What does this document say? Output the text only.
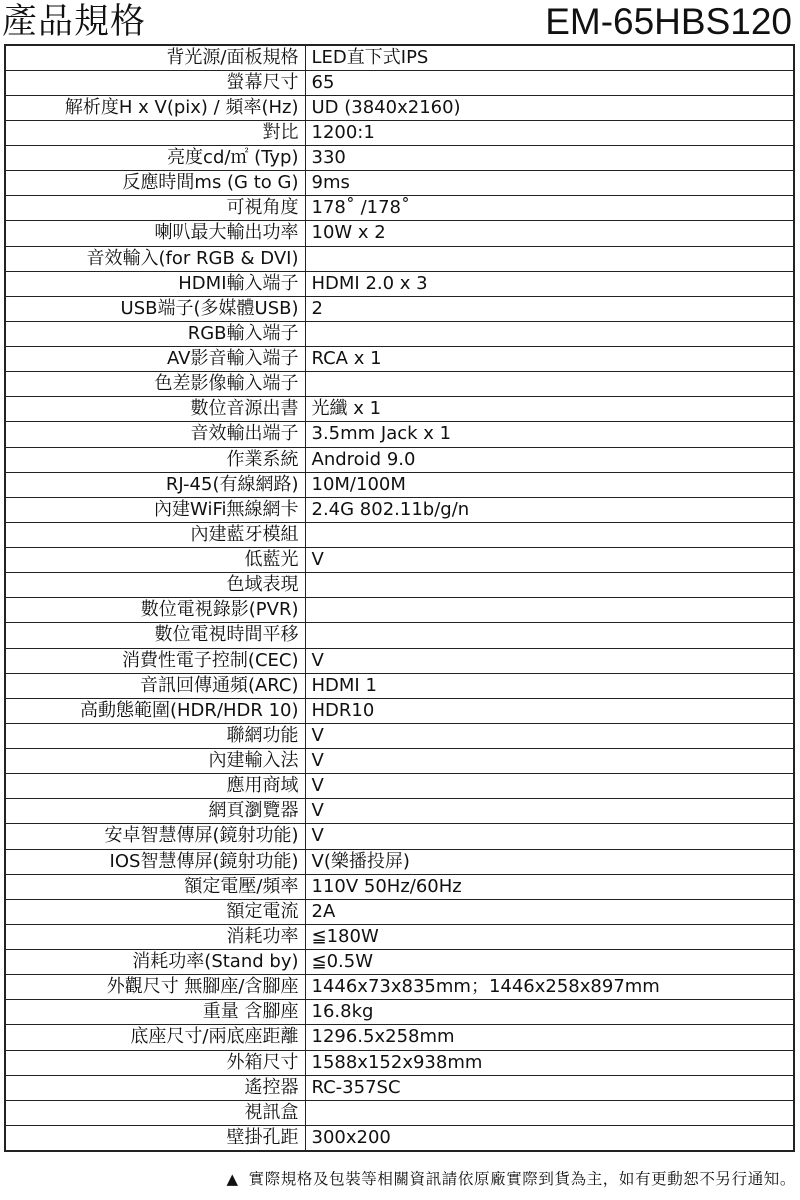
產品規格	EM-65HBS120
背光源/面板規格	LED直下式IPS
螢幕尺寸	65
解析度H x V(pix) / 頻率(Hz)	UD (3840x2160)
對比	1200:1
亮度cd/㎡ (Typ)	330
反應時間ms (G to G)	9ms
可視角度	178˚ /178˚
喇叭最大輸出功率	10W x 2
音效輸入(for RGB & DVI)	
HDMI輸入端子	HDMI 2.0 x 3
USB端子(多媒體USB)	2
RGB輸入端子	
AV影音輸入端子	RCA x 1
色差影像輸入端子	
數位音源出書	光纖 x 1
音效輸出端子	3.5mm Jack x 1
作業系統	Android 9.0
RJ-45(有線網路)	10M/100M
內建WiFi無線網卡	2.4G 802.11b/g/n
內建藍牙模組	
低藍光	V
色域表現	
數位電視錄影(PVR)	
數位電視時間平移	
消費性電子控制(CEC)	V
音訊回傳通頻(ARC)	HDMI 1
高動態範圍(HDR/HDR 10)	HDR10
聯網功能	V
內建輸入法	V
應用商域	V
網頁瀏覽器	V
安卓智慧傳屏(鏡射功能)	V
IOS智慧傳屏(鏡射功能)	V(樂播投屏)
額定電壓/頻率	110V 50Hz/60Hz
額定電流	2A
消耗功率	≦180W
消耗功率(Stand by)	≦0.5W
外觀尺寸 無腳座/含腳座	1446x73x835mm；1446x258x897mm
重量 含腳座	16.8kg
底座尺寸/兩底座距離	1296.5x258mm
外箱尺寸	1588x152x938mm
遙控器	RC-357SC
視訊盒	
壁掛孔距	300x200
▲ 實際規格及包裝等相關資訊請依原廠實際到貨為主，如有更動恕不另行通知。
